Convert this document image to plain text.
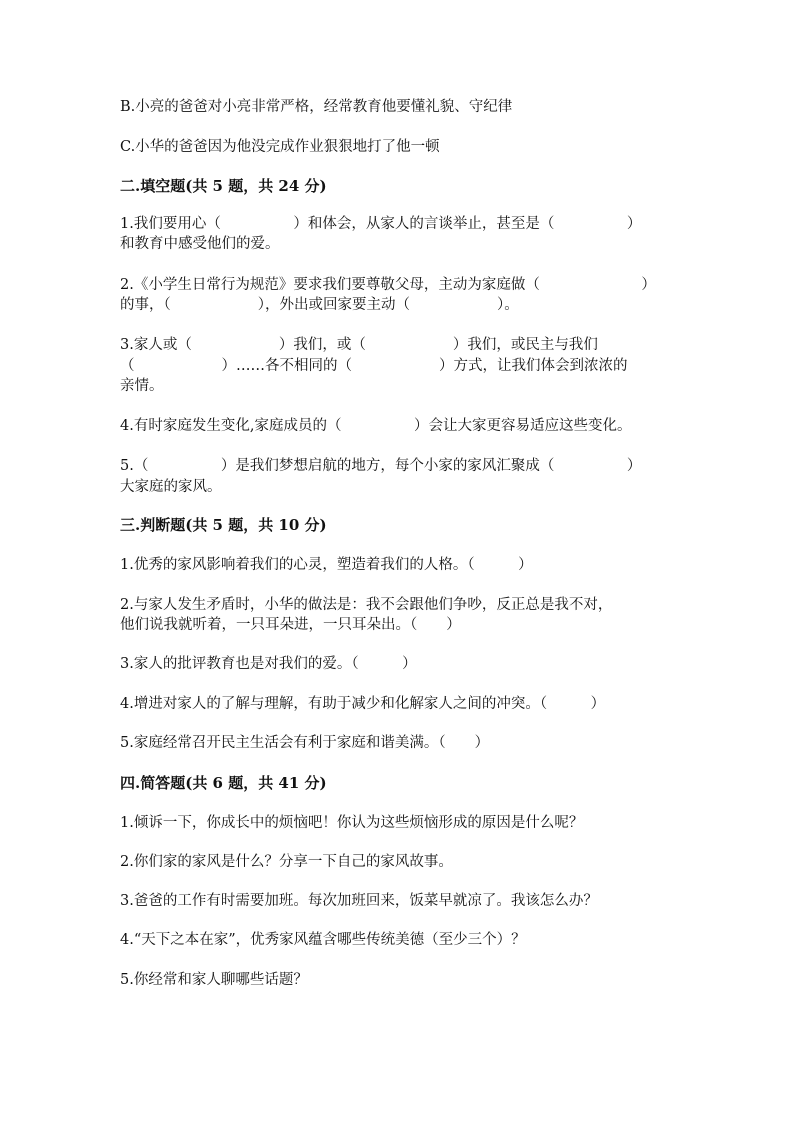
B.小亮的爸爸对小亮非常严格，经常教育他要懂礼貌、守纪律
C.小华的爸爸因为他没完成作业狠狠地打了他一顿
二.填空题(共 5 题，共 24 分)
1.我们要用心（　　　　　）和体会，从家人的言谈举止，甚至是（　　　　　）
和教育中感受他们的爱。
2.《小学生日常行为规范》要求我们要尊敬父母，主动为家庭做（　　　　　　　）
的事，（　　　　　　），外出或回家要主动（　　　　　　）。
3.家人或（　　　　　　）我们，或（　　　　　　）我们，或民主与我们
（　　　　　　）……各不相同的（　　　　　　）方式，让我们体会到浓浓的
亲情。
4.有时家庭发生变化,家庭成员的（　　　　　）会让大家更容易适应这些变化。
5.（　　　　　）是我们梦想启航的地方，每个小家的家风汇聚成（　　　　　）
大家庭的家风。
三.判断题(共 5 题，共 10 分)
1.优秀的家风影响着我们的心灵，塑造着我们的人格。（　　　）
2.与家人发生矛盾时，小华的做法是：我不会跟他们争吵，反正总是我不对，
他们说我就听着，一只耳朵进，一只耳朵出。（　　）
3.家人的批评教育也是对我们的爱。（　　　）
4.增进对家人的了解与理解，有助于减少和化解家人之间的冲突。（　　　）
5.家庭经常召开民主生活会有利于家庭和谐美满。（　　）
四.简答题(共 6 题，共 41 分)
1.倾诉一下，你成长中的烦恼吧！你认为这些烦恼形成的原因是什么呢？
2.你们家的家风是什么？分享一下自己的家风故事。
3.爸爸的工作有时需要加班。每次加班回来，饭菜早就凉了。我该怎么办？
4.“天下之本在家”，优秀家风蕴含哪些传统美德（至少三个）？
5.你经常和家人聊哪些话题？
